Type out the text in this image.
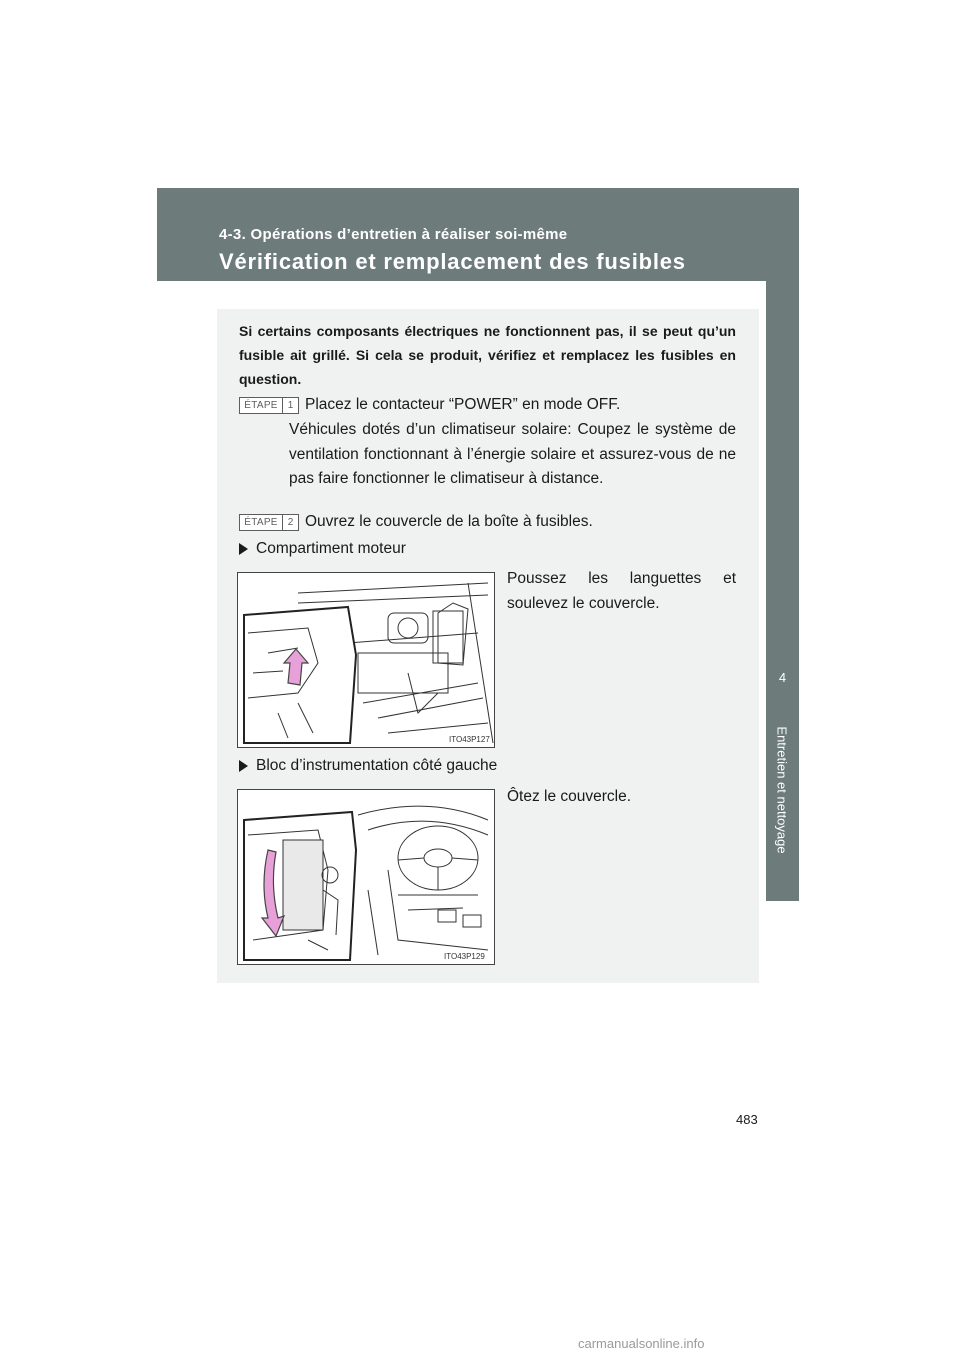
4-3. Opérations d’entretien à réaliser soi-même
Vérification et remplacement des fusibles
4
Entretien et nettoyage
Si certains composants électriques ne fonctionnent pas, il se peut qu’un fusible ait grillé. Si cela se produit, vérifiez et remplacez les fusibles en question.
ÉTAPE 1 Placez le contacteur “POWER” en mode OFF.
Véhicules dotés d’un climatiseur solaire: Coupez le système de ventilation fonctionnant à l’énergie solaire et assurez-vous de ne pas faire fonctionner le climatiseur à distance.
ÉTAPE 2 Ouvrez le couvercle de la boîte à fusibles.
Compartiment moteur
Poussez les languettes et soulevez le couvercle.
ITO43P127
Bloc d’instrumentation côté gauche
Ôtez le couvercle.
ITO43P129
483
carmanualsonline.info
